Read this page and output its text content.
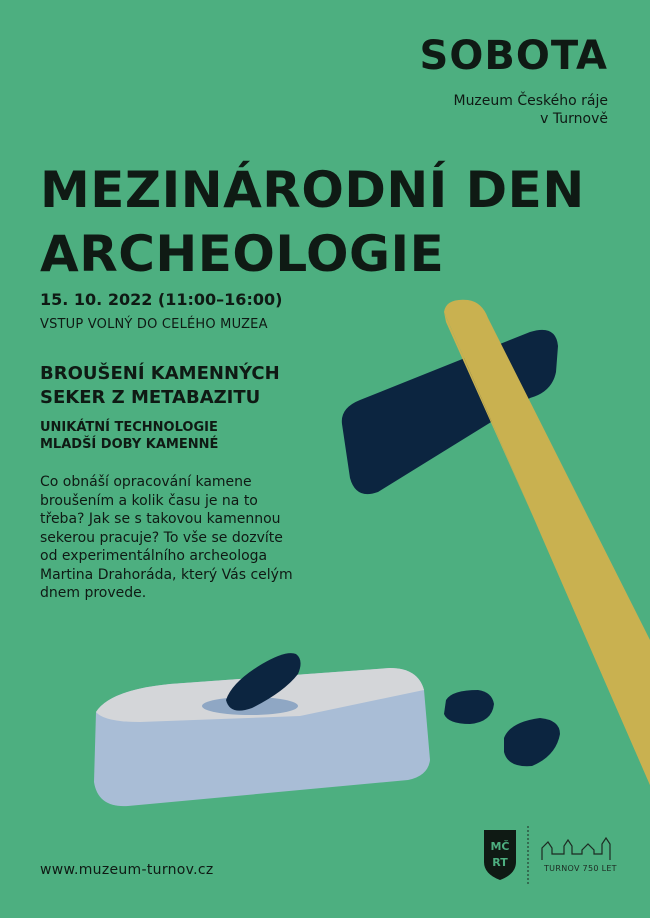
SOBOTA
Muzeum Českého ráje
v Turnově
MEZINÁRODNÍ DEN
ARCHEOLOGIE
15. 10. 2022 (11:00–16:00)
VSTUP VOLNÝ DO CELÉHO MUZEA
BROUŠENÍ KAMENNÝCH
SEKER Z METABAZITU
UNIKÁTNÍ TECHNOLOGIE
MLADŠÍ DOBY KAMENNÉ
Co obnáší opracování kamene
broušením a kolik času je na to
třeba? Jak se s takovou kamennou
sekerou pracuje? To vše se dozvíte
od experimentálního archeologa
Martina Drahoráda, který Vás celým
dnem provede.
www.muzeum-turnov.cz
MČ
RT	TURNOV 750 LET
